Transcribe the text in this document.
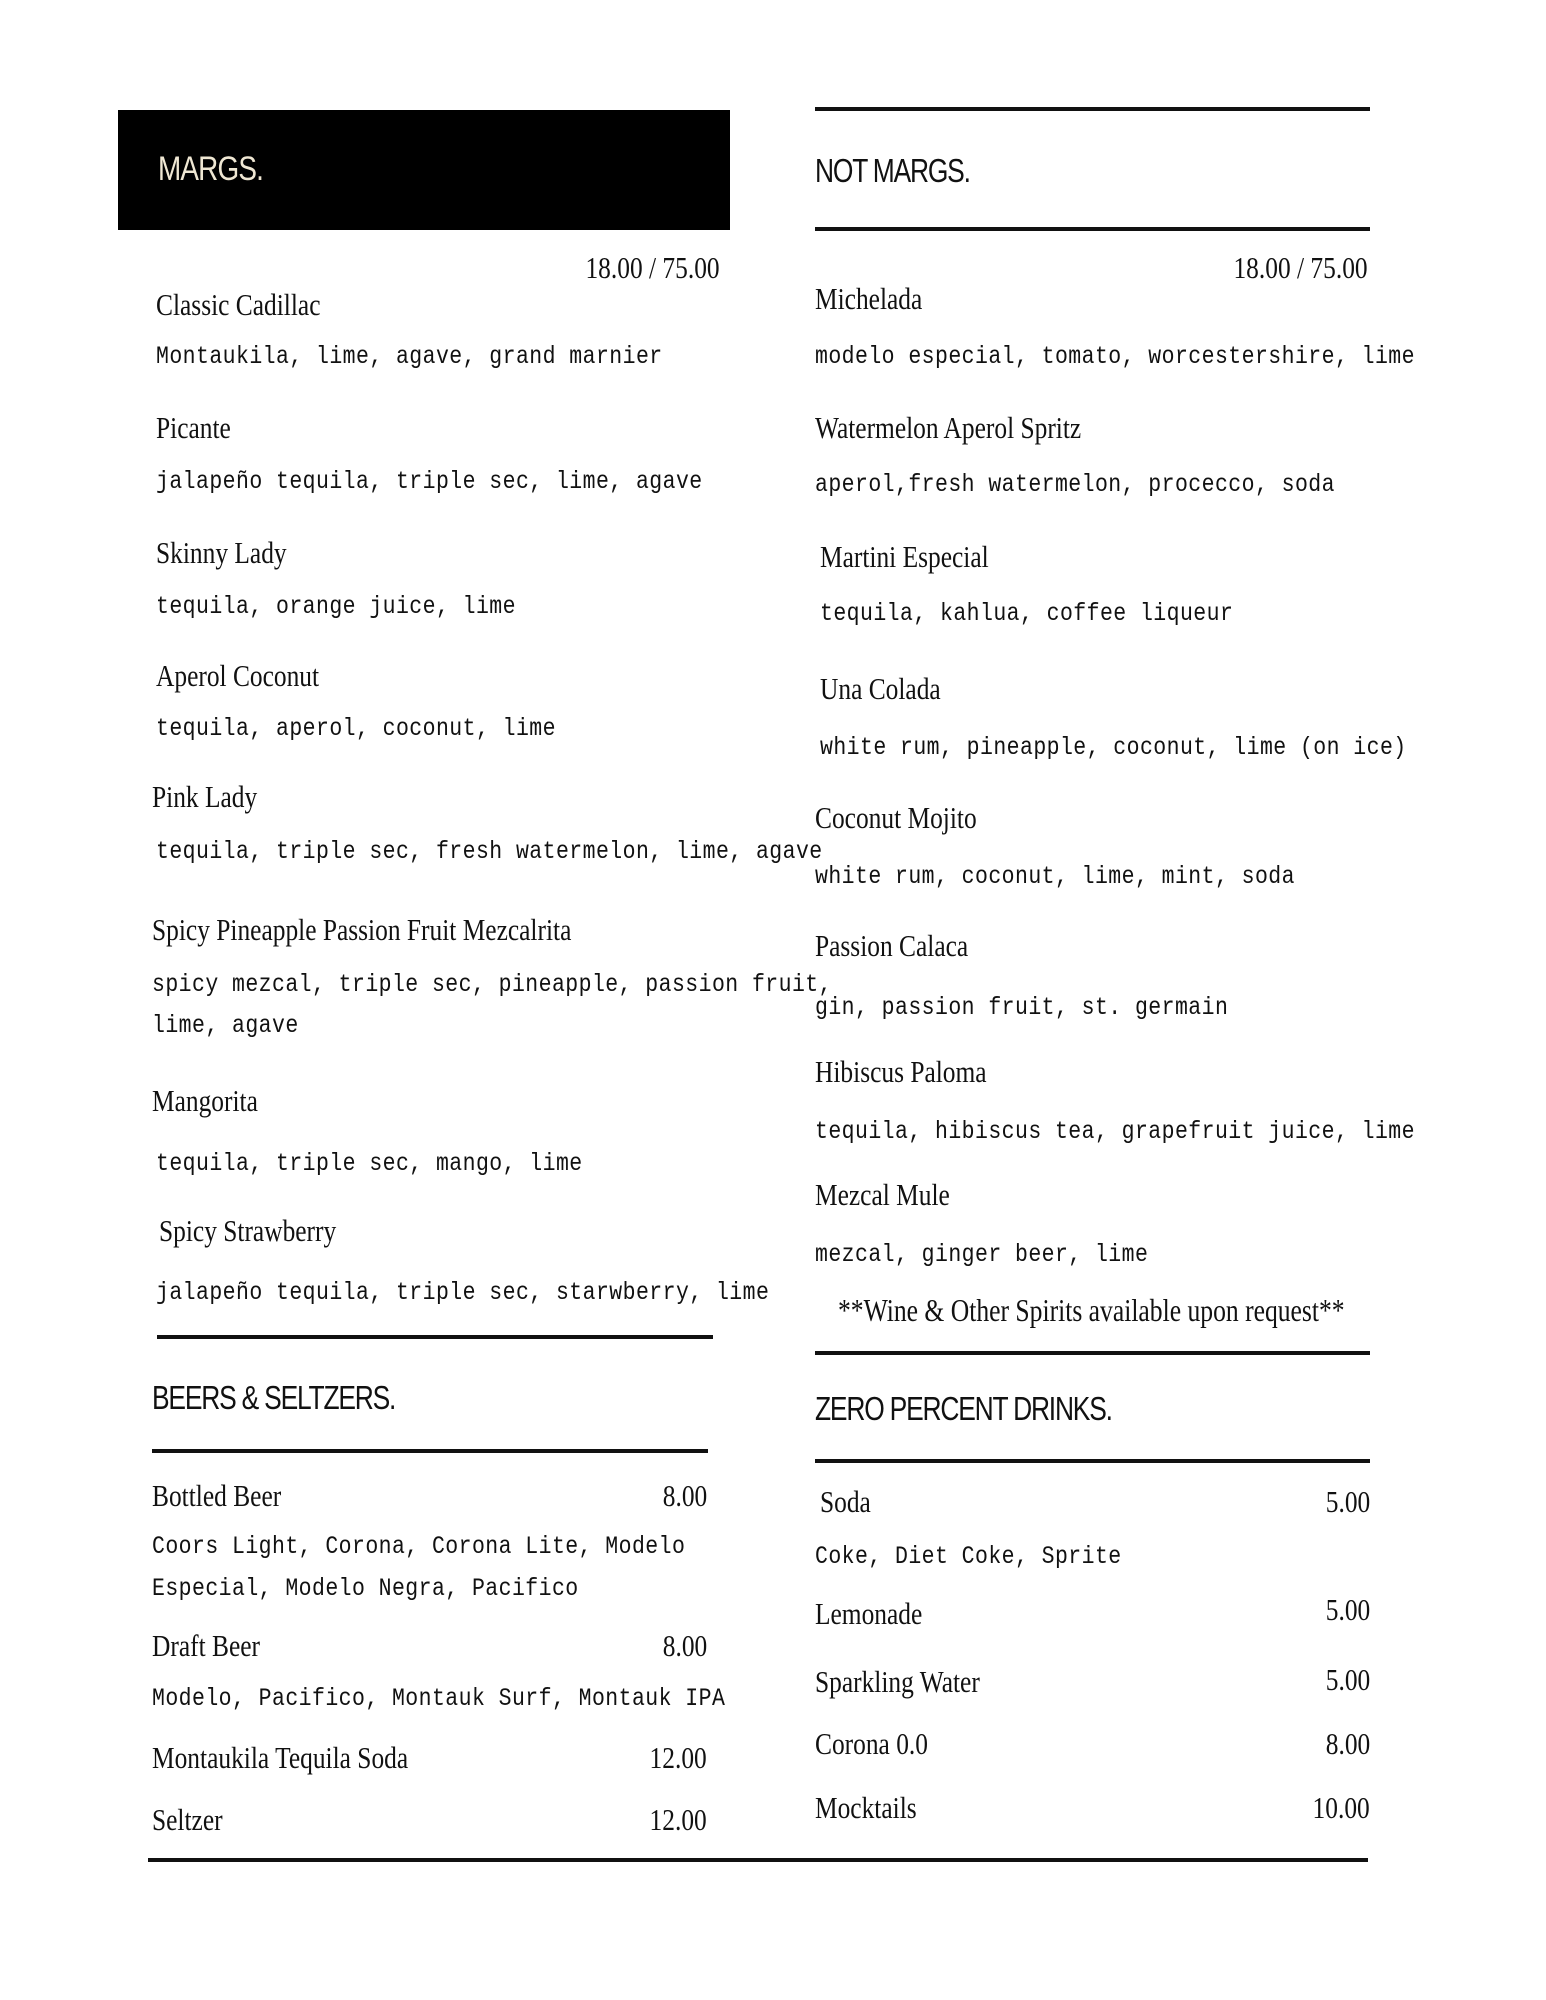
MARGS.
18.00 / 75.00
Classic Cadillac
Montaukila, lime, agave, grand marnier
Picante
jalapeño tequila, triple sec, lime, agave
Skinny Lady
tequila, orange juice, lime
Aperol Coconut
tequila, aperol, coconut, lime
Pink Lady
tequila, triple sec, fresh watermelon, lime, agave
Spicy Pineapple Passion Fruit Mezcalrita
spicy mezcal, triple sec, pineapple, passion fruit,
lime, agave
Mangorita
tequila, triple sec, mango, lime
Spicy Strawberry
jalapeño tequila, triple sec, starwberry, lime
BEERS & SELTZERS.
Bottled Beer	8.00
Coors Light, Corona, Corona Lite, Modelo
Especial, Modelo Negra, Pacifico
Draft Beer	8.00
Modelo, Pacifico, Montauk Surf, Montauk IPA
Montaukila Tequila Soda	12.00
Seltzer	12.00
NOT MARGS.
18.00 / 75.00
Michelada
modelo especial, tomato, worcestershire, lime
Watermelon Aperol Spritz
aperol,fresh watermelon, procecco, soda
Martini Especial
tequila, kahlua, coffee liqueur
Una Colada
white rum, pineapple, coconut, lime (on ice)
Coconut Mojito
white rum, coconut, lime, mint, soda
Passion Calaca
gin, passion fruit, st. germain
Hibiscus Paloma
tequila, hibiscus tea, grapefruit juice, lime
Mezcal Mule
mezcal, ginger beer, lime
**Wine & Other Spirits available upon request**
ZERO PERCENT DRINKS.
Soda	5.00
Coke, Diet Coke, Sprite
Lemonade	5.00
Sparkling Water	5.00
Corona 0.0	8.00
Mocktails	10.00
